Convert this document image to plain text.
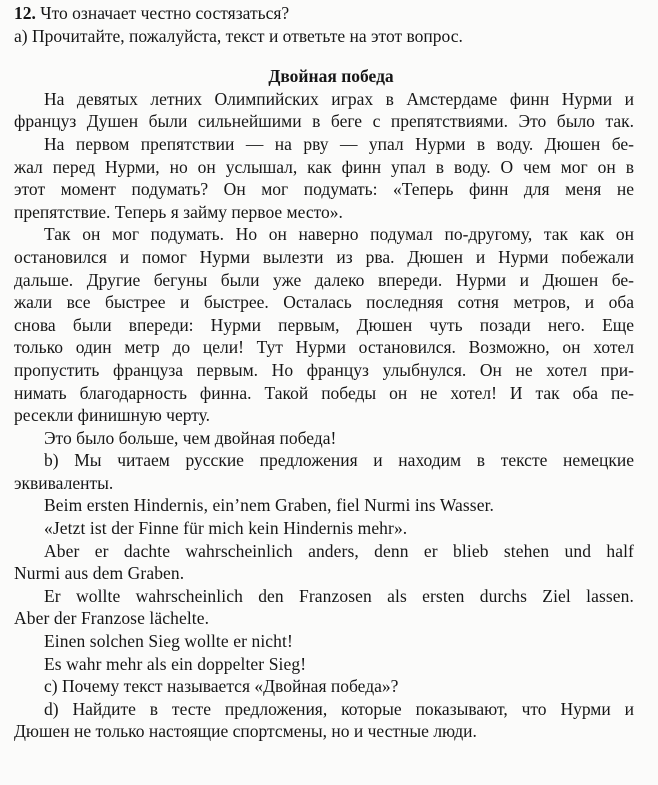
12. Что означает честно состязаться?
а) Прочитайте, пожалуйста, текст и ответьте на этот вопрос.
Двойная победа
На девятых летних Олимпийских играх в Амстердаме финн Нурми и
француз Душен были сильнейшими в беге с препятствиями. Это было так.
На первом препятствии — на рву — упал Нурми в воду. Дюшен бе-
жал перед Нурми, но он услышал, как финн упал в воду. О чем мог он в
этот момент подумать? Он мог подумать: «Теперь финн для меня не
препятствие. Теперь я займу первое место».
Так он мог подумать. Но он наверно подумал по-другому, так как он
остановился и помог Нурми вылезти из рва. Дюшен и Нурми побежали
дальше. Другие бегуны были уже далеко впереди. Нурми и Дюшен бе-
жали все быстрее и быстрее. Осталась последняя сотня метров, и оба
снова были впереди: Нурми первым, Дюшен чуть позади него. Еще
только один метр до цели! Тут Нурми остановился. Возможно, он хотел
пропустить француза первым. Но француз улыбнулся. Он не хотел при-
нимать благодарность финна. Такой победы он не хотел! И так оба пе-
ресекли финишную черту.
Это было больше, чем двойная победа!
b) Мы читаем русские предложения и находим в тексте немецкие
эквиваленты.
Beim ersten Hindernis, ein’nem Graben, fiel Nurmi ins Wasser.
«Jetzt ist der Finne für mich kein Hindernis mehr».
Aber er dachte wahrscheinlich anders, denn er blieb stehen und half
Nurmi aus dem Graben.
Er wollte wahrscheinlich den Franzosen als ersten durchs Ziel lassen.
Aber der Franzose lächelte.
Einen solchen Sieg wollte er nicht!
Es wahr mehr als ein doppelter Sieg!
с) Почему текст называется «Двойная победа»?
d) Найдите в тесте предложения, которые показывают, что Нурми и
Дюшен не только настоящие спортсмены, но и честные люди.
